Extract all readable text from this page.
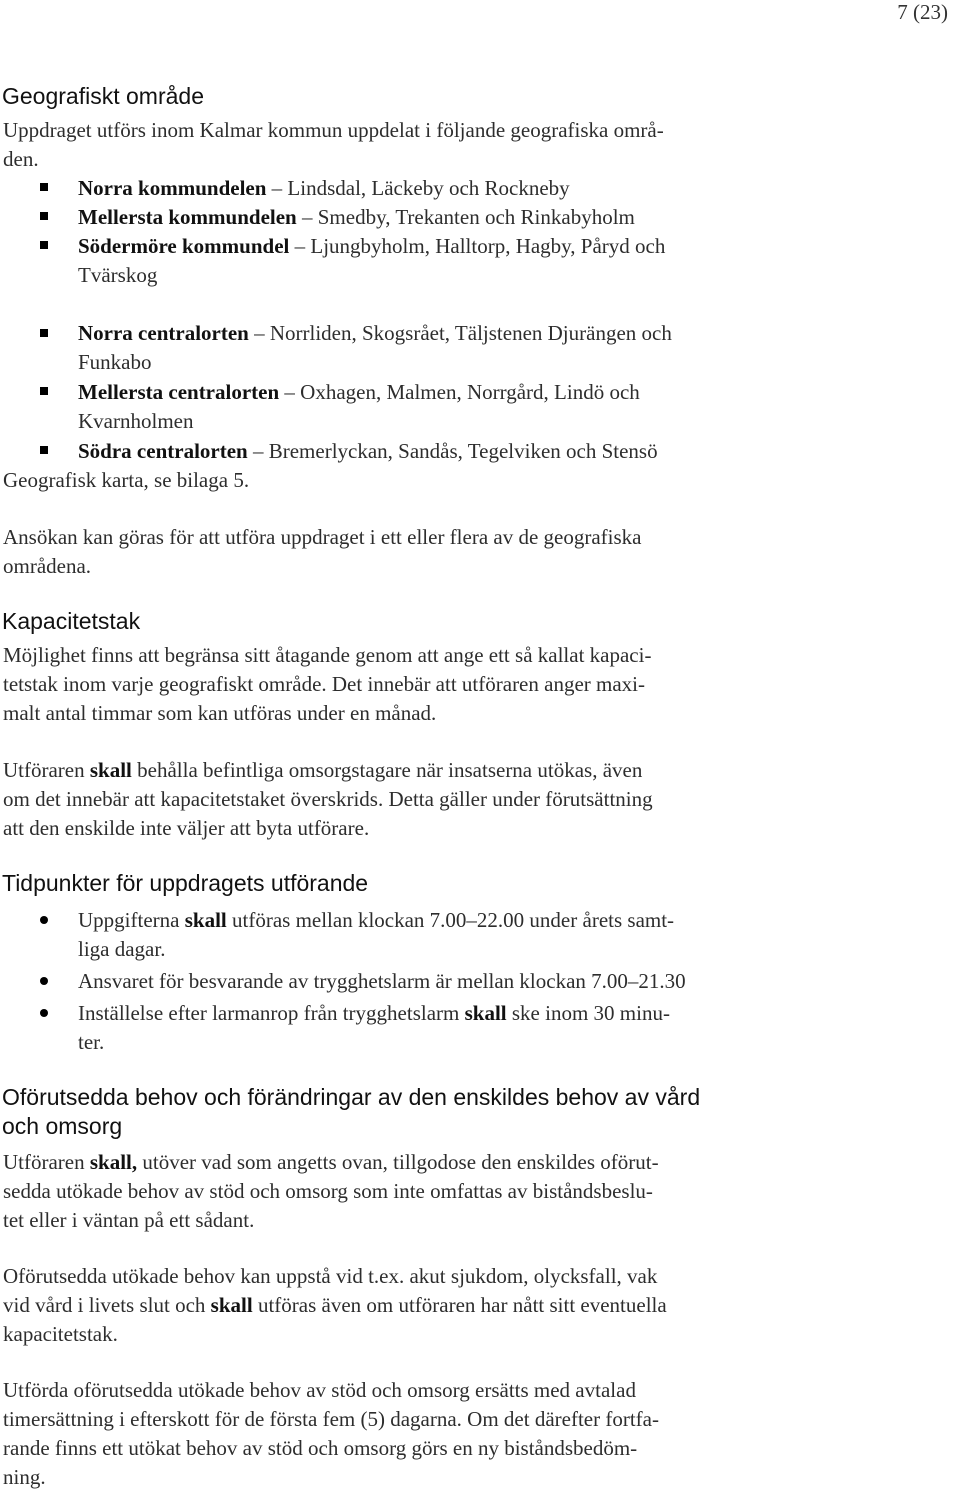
7 (23)
Geografiskt område
Uppdraget utförs inom Kalmar kommun uppdelat i följande geografiska områ-
den.
Norra kommundelen – Lindsdal, Läckeby och Rockneby
Mellersta kommundelen – Smedby, Trekanten och Rinkabyholm
Södermöre kommundel – Ljungbyholm, Halltorp, Hagby, Påryd och
Tvärskog
Norra centralorten – Norrliden, Skogsrået, Täljstenen Djurängen och
Funkabo
Mellersta centralorten – Oxhagen, Malmen, Norrgård, Lindö och
Kvarnholmen
Södra centralorten – Bremerlyckan, Sandås, Tegelviken och Stensö
Geografisk karta, se bilaga 5.
Ansökan kan göras för att utföra uppdraget i ett eller flera av de geografiska
områdena.
Kapacitetstak
Möjlighet finns att begränsa sitt åtagande genom att ange ett så kallat kapaci-
tetstak inom varje geografiskt område. Det innebär att utföraren anger maxi-
malt antal timmar som kan utföras under en månad.
Utföraren skall behålla befintliga omsorgstagare när insatserna utökas, även
om det innebär att kapacitetstaket överskrids. Detta gäller under förutsättning
att den enskilde inte väljer att byta utförare.
Tidpunkter för uppdragets utförande
Uppgifterna skall utföras mellan klockan 7.00–22.00 under årets samt-
liga dagar.
Ansvaret för besvarande av trygghetslarm är mellan klockan 7.00–21.30
Inställelse efter larmanrop från trygghetslarm skall ske inom 30 minu-
ter.
Oförutsedda behov och förändringar av den enskildes behov av vård
och omsorg
Utföraren skall, utöver vad som angetts ovan, tillgodose den enskildes oförut-
sedda utökade behov av stöd och omsorg som inte omfattas av biståndsbeslu-
tet eller i väntan på ett sådant.
Oförutsedda utökade behov kan uppstå vid t.ex. akut sjukdom, olycksfall, vak
vid vård i livets slut och skall utföras även om utföraren har nått sitt eventuella
kapacitetstak.
Utförda oförutsedda utökade behov av stöd och omsorg ersätts med avtalad
timersättning i efterskott för de första fem (5) dagarna. Om det därefter fortfa-
rande finns ett utökat behov av stöd och omsorg görs en ny biståndsbedöm-
ning.
